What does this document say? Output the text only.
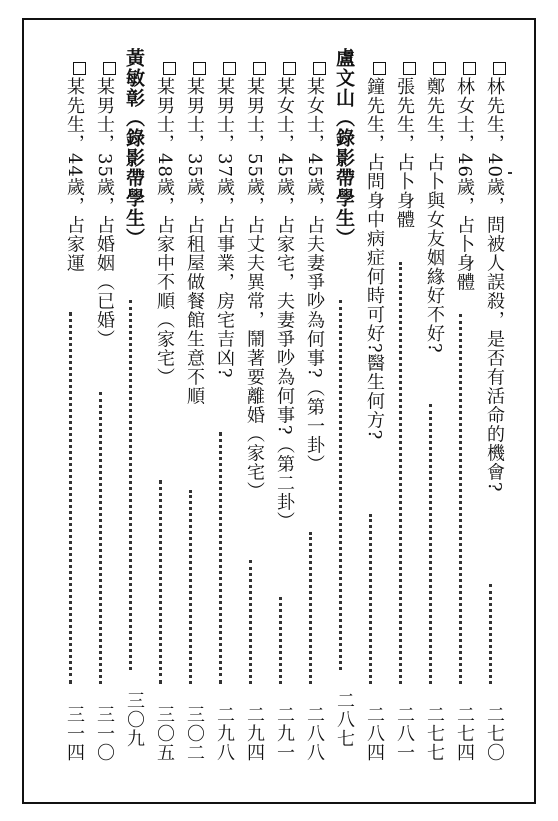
林先生，40歲，問被人誤殺，是否有活命的機會?
二七〇
林女士，46歲，占卜身體
二七四
鄭先生，占卜與女友姻緣好不好?
二七七
張先生，占卜身體
二八一
鐘先生，占問身中病症何時可好?醫生何方?
二八四
盧文山（錄影帶學生）
二八七
某女士，45歲，占夫妻爭吵為何事?（第一卦）
二八八
某女士，45歲，占家宅，夫妻爭吵為何事?（第二卦）
二九一
某男士，55歲，占丈夫異常，鬧著要離婚（家宅）
二九四
某男士，37歲，占事業，房宅吉凶?
二九八
某男士，35歲，占租屋做餐館生意不順
三〇二
某男士，48歲，占家中不順（家宅）
三〇五
黃敏彰（錄影帶學生）
三〇九
某男士，35歲，占婚姻（已婚）
三一〇
某先生，44歲，占家運
三一四
